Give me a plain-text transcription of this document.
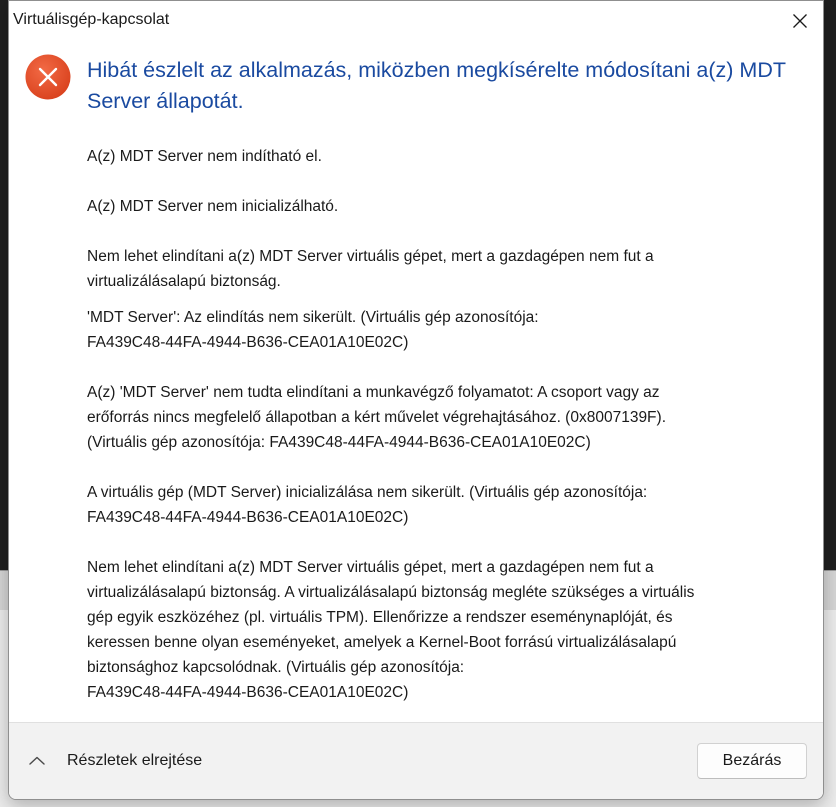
Virtuálisgép-kapcsolat
Hibát észlelt az alkalmazás, miközben megkísérelte módosítani a(z) MDT Server állapotát.

A(z) MDT Server nem indítható el.

A(z) MDT Server nem inicializálható.

Nem lehet elindítani a(z) MDT Server virtuális gépet, mert a gazdagépen nem fut a
virtualizálásalapú biztonság.

'MDT Server': Az elindítás nem sikerült. (Virtuális gép azonosítója:
FA439C48-44FA-4944-B636-CEA01A10E02C)

A(z) 'MDT Server' nem tudta elindítani a munkavégző folyamatot: A csoport vagy az
erőforrás nincs megfelelő állapotban a kért művelet végrehajtásához. (0x8007139F).
(Virtuális gép azonosítója: FA439C48-44FA-4944-B636-CEA01A10E02C)

A virtuális gép (MDT Server) inicializálása nem sikerült. (Virtuális gép azonosítója:
FA439C48-44FA-4944-B636-CEA01A10E02C)

Nem lehet elindítani a(z) MDT Server virtuális gépet, mert a gazdagépen nem fut a
virtualizálásalapú biztonság. A virtualizálásalapú biztonság megléte szükséges a virtuális
gép egyik eszközéhez (pl. virtuális TPM). Ellenőrizze a rendszer eseménynaplóját, és
keressen benne olyan eseményeket, amelyek a Kernel-Boot forrású virtualizálásalapú
biztonsághoz kapcsolódnak. (Virtuális gép azonosítója:
FA439C48-44FA-4944-B636-CEA01A10E02C)

Részletek elrejtése	Bezárás
